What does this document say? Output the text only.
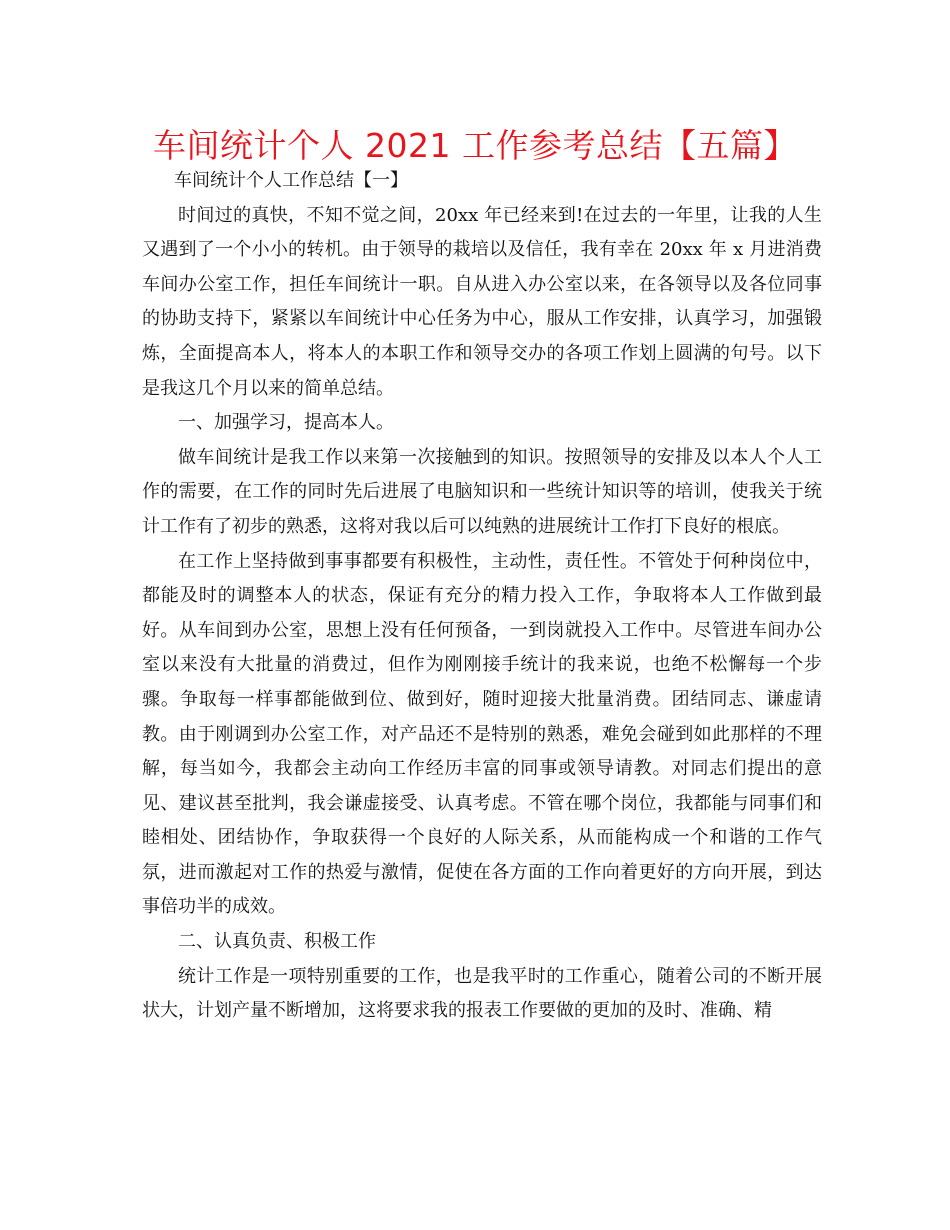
车间统计个人 2021 工作参考总结【五篇】

车间统计个人工作总结【一】

时间过的真快，不知不觉之间，20xx 年已经来到!在过去的一年里，让我的人生又遇到了一个小小的转机。由于领导的栽培以及信任，我有幸在 20xx 年 x 月进消费车间办公室工作，担任车间统计一职。自从进入办公室以来，在各领导以及各位同事的协助支持下，紧紧以车间统计中心任务为中心，服从工作安排，认真学习，加强锻炼，全面提高本人，将本人的本职工作和领导交办的各项工作划上圆满的句号。以下是我这几个月以来的简单总结。

一、加强学习，提高本人。

做车间统计是我工作以来第一次接触到的知识。按照领导的安排及以本人个人工作的需要，在工作的同时先后进展了电脑知识和一些统计知识等的培训，使我关于统计工作有了初步的熟悉，这将对我以后可以纯熟的进展统计工作打下良好的根底。

在工作上坚持做到事事都要有积极性，主动性，责任性。不管处于何种岗位中，都能及时的调整本人的状态，保证有充分的精力投入工作，争取将本人工作做到最好。从车间到办公室，思想上没有任何预备，一到岗就投入工作中。尽管进车间办公室以来没有大批量的消费过，但作为刚刚接手统计的我来说，也绝不松懈每一个步骤。争取每一样事都能做到位、做到好，随时迎接大批量消费。团结同志、谦虚请教。由于刚调到办公室工作，对产品还不是特别的熟悉，难免会碰到如此那样的不理解，每当如今，我都会主动向工作经历丰富的同事或领导请教。对同志们提出的意见、建议甚至批判，我会谦虚接受、认真考虑。不管在哪个岗位，我都能与同事们和睦相处、团结协作，争取获得一个良好的人际关系，从而能构成一个和谐的工作气氛，进而激起对工作的热爱与激情，促使在各方面的工作向着更好的方向开展，到达事倍功半的成效。

二、认真负责、积极工作

统计工作是一项特别重要的工作，也是我平时的工作重心，随着公司的不断开展状大，计划产量不断增加，这将要求我的报表工作要做的更加的及时、准确、精
